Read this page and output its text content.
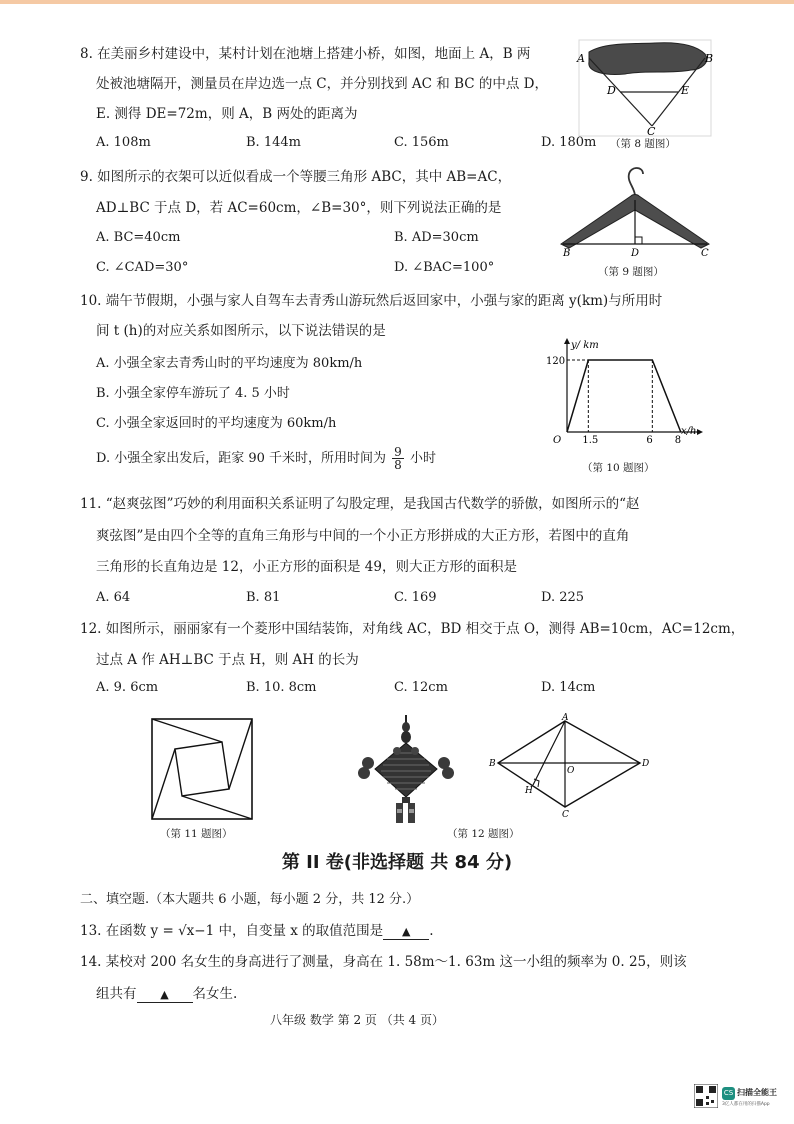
8. 在美丽乡村建设中，某村计划在池塘上搭建小桥，如图，地面上 A，B 两
处被池塘隔开，测量员在岸边选一点 C，并分别找到 AC 和 BC 的中点 D，
E. 测得 DE=72m，则 A，B 两处的距离为
A. 108m	B. 144m	C. 156m	D. 180m
A	B
D	E
C
（第 8 题图）
9. 如图所示的衣架可以近似看成一个等腰三角形 ABC，其中 AB=AC，
AD⊥BC 于点 D，若 AC=60cm，∠B=30°，则下列说法正确的是
A. BC=40cm	B. AD=30cm
C. ∠CAD=30°	D. ∠BAC=100°
B	D	C
（第 9 题图）
10. 端午节假期，小强与家人自驾车去青秀山游玩然后返回家中，小强与家的距离 y(km)与所用时
间 t (h)的对应关系如图所示，以下说法错误的是
A. 小强全家去青秀山时的平均速度为 80km/h
B. 小强全家停车游玩了 4. 5 小时
C. 小强全家返回时的平均速度为 60km/h
D. 小强全家出发后，距家 90 千米时，所用时间为 $\frac{9}{8}$ 小时
y/ km
x/h
O 1.5	6 8
120
（第 10 题图）
11. “赵爽弦图”巧妙的利用面积关系证明了勾股定理，是我国古代数学的骄傲，如图所示的“赵
爽弦图”是由四个全等的直角三角形与中间的一个小正方形拼成的大正方形，若图中的直角
三角形的长直角边是 12，小正方形的面积是 49，则大正方形的面积是
A. 64	B. 81	C. 169	D. 225
12. 如图所示，丽丽家有一个菱形中国结装饰，对角线 AC，BD 相交于点 O，测得 AB=10cm，AC=12cm，
过点 A 作 AH⊥BC 于点 H，则 AH 的长为
A. 9. 6cm	B. 10. 8cm	C. 12cm	D. 14cm
（第 11 题图）
A
B	D
O
H
C
（第 12 题图）
第 II 卷(非选择题 共 84 分)
二、填空题.（本大题共 6 小题，每小题 2 分，共 12 分.）
13. 在函数 y = √x−1 中，自变量 x 的取值范围是 ▲ .
14. 某校对 200 名女生的身高进行了测量，身高在 1. 58m～1. 63m 这一小组的频率为 0. 25，则该
组共有 ▲ 名女生.
八年级 数学 第 2 页 （共 4 页）
CS 扫描全能王
3亿人都在用的扫描App
